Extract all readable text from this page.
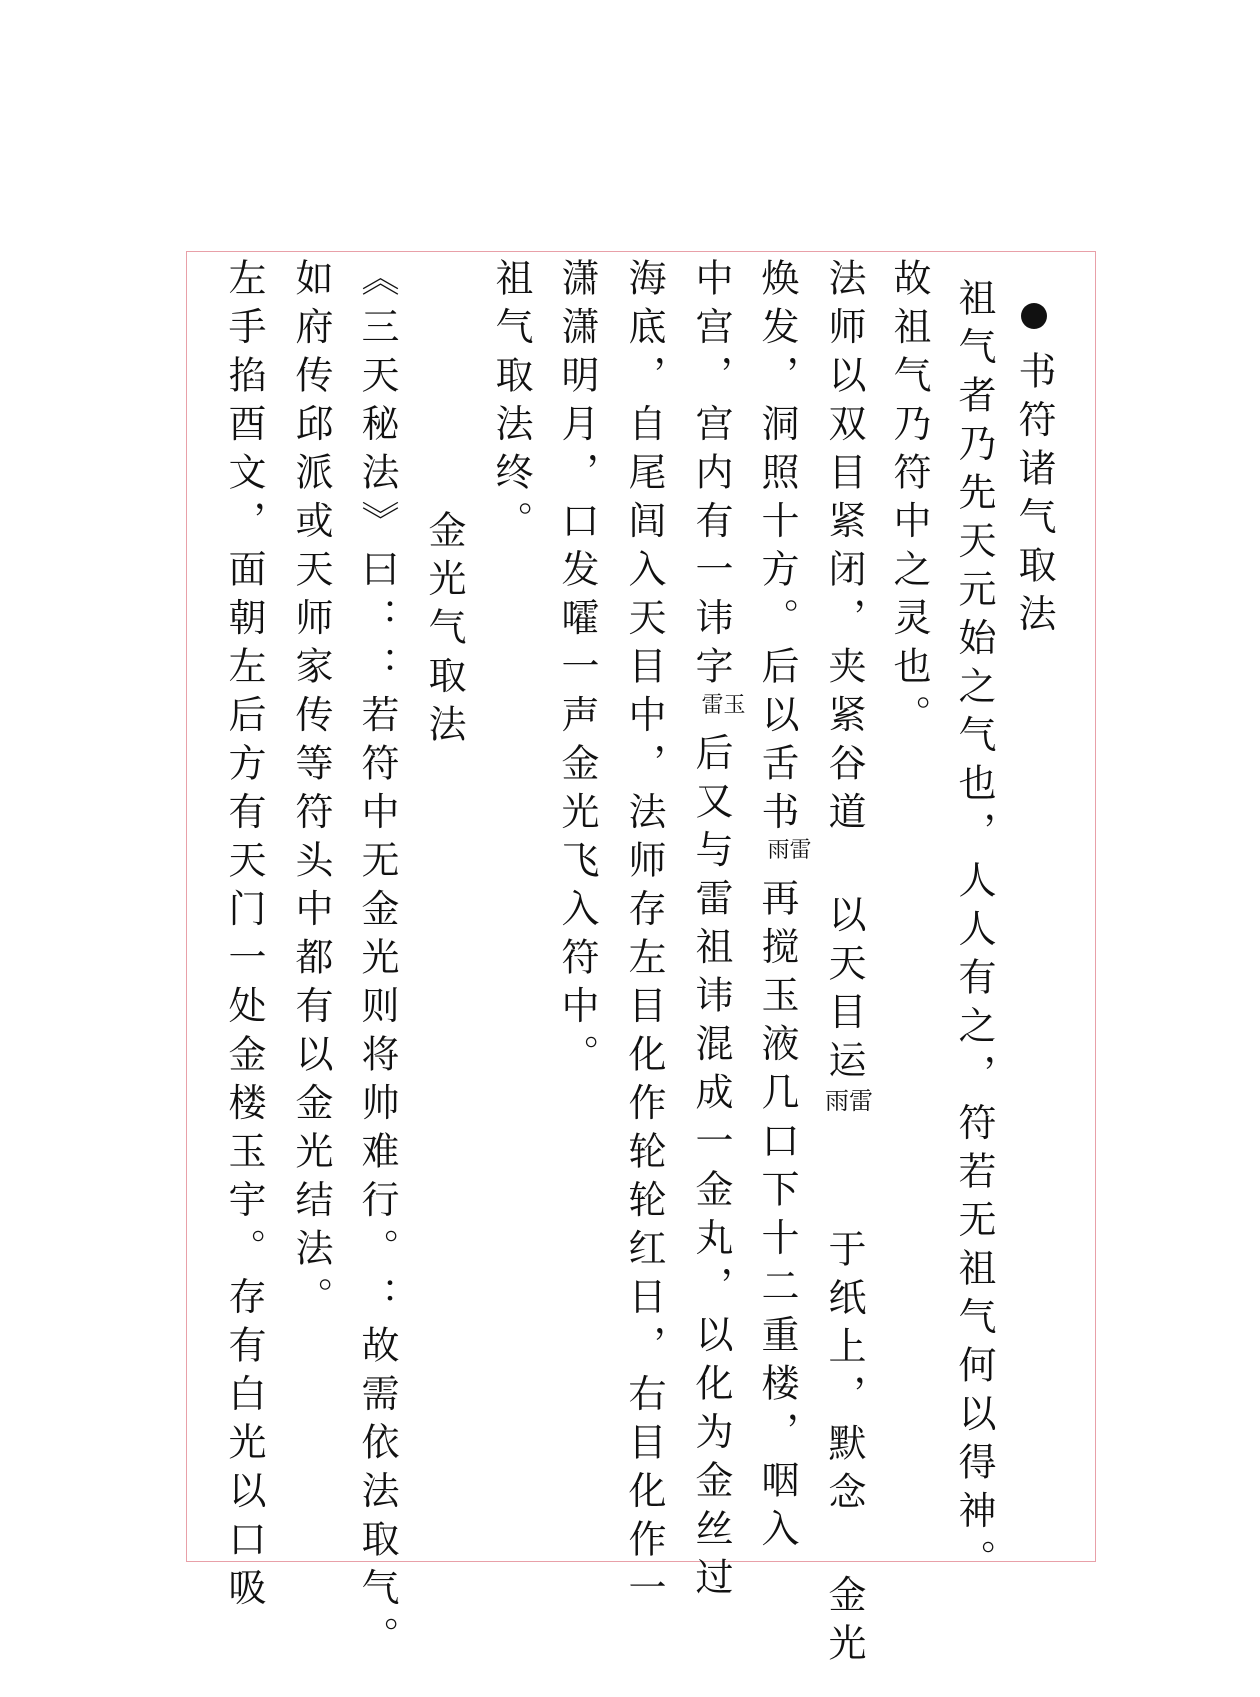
书符诸气取法
祖气者乃先天元始之气也，人人有之，符若无祖气何以得神。
故祖气乃符中之灵也。
法师以双目紧闭，夹紧谷道 以天目运雨雷 于纸上，默念 金光
焕发，洞照十方。后以舌书雨雷再搅玉液几口下十二重楼，咽入
中宫，宫内有一讳字雷玉后又与雷祖讳混成一金丸，以化为金丝过
海底，自尾闾入天目中，法师存左目化作轮轮红日，右目化作一
潇潇明月，口发嚯一声金光飞入符中。
祖气取法终。
金光气取法
《三天秘法》曰：：若符中无金光则将帅难行。：故需依法取气。
如府传邱派或天师家传等符头中都有以金光结法。
左手掐酉文，面朝左后方有天门一处金楼玉宇。存有白光以口吸
